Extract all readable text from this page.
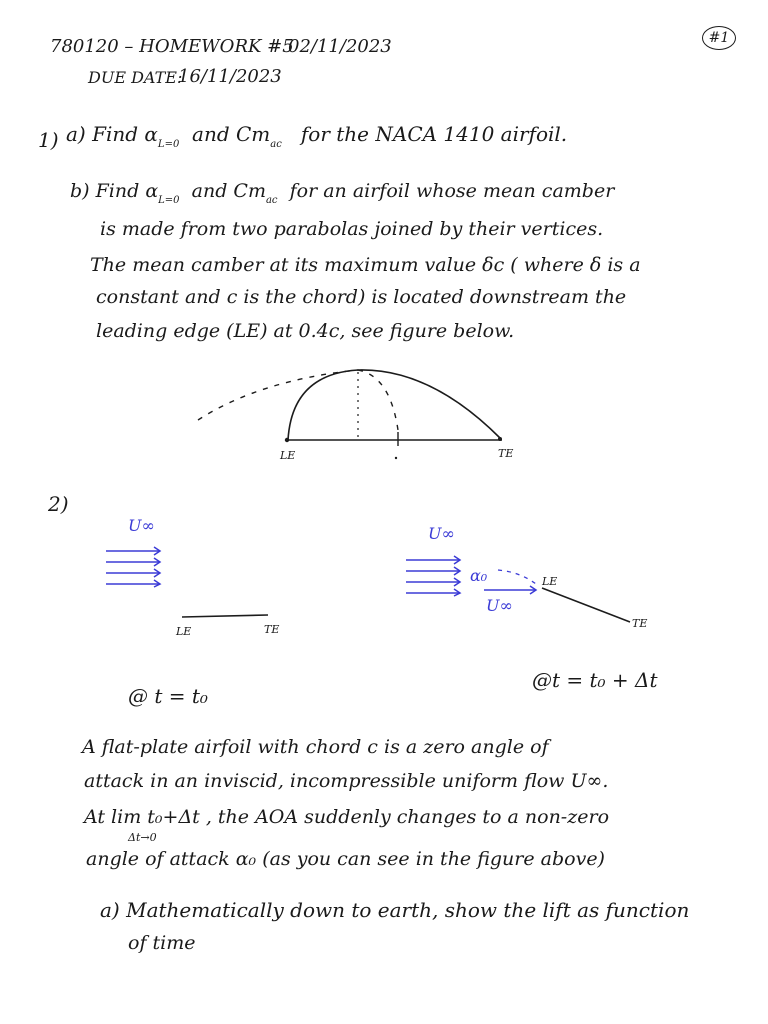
780120 – HOMEWORK #5
02/11/2023
DUE DATE:
16/11/2023
#1
1) a) Find $\alpha_{L=0}$ and $Cm_{ac}$ for the NACA 1410 airfoil.
b) Find $\alpha_{L=0}$ and $Cm_{ac}$ for an airfoil whose mean camber
is made from two parabolas joined by their vertices.
The mean camber at its maximum value δc ( where δ is a
constant and c is the chord) is located downstream the
leading edge (LE) at 0.4c, see figure below.
LE	TE
2)
U∞
LE	TE
@ t = t₀
U∞
α₀	LE
U∞
TE
@t = t₀ + Δt
A flat-plate airfoil with chord c is a zero angle of
attack in an inviscid, incompressible uniform flow U∞.
At lim t₀+Δt , the AOA suddenly changes to a non-zero
Δt→0
angle of attack α₀ (as you can see in the figure above)
a) Mathematically down to earth, show the lift as function
of time
